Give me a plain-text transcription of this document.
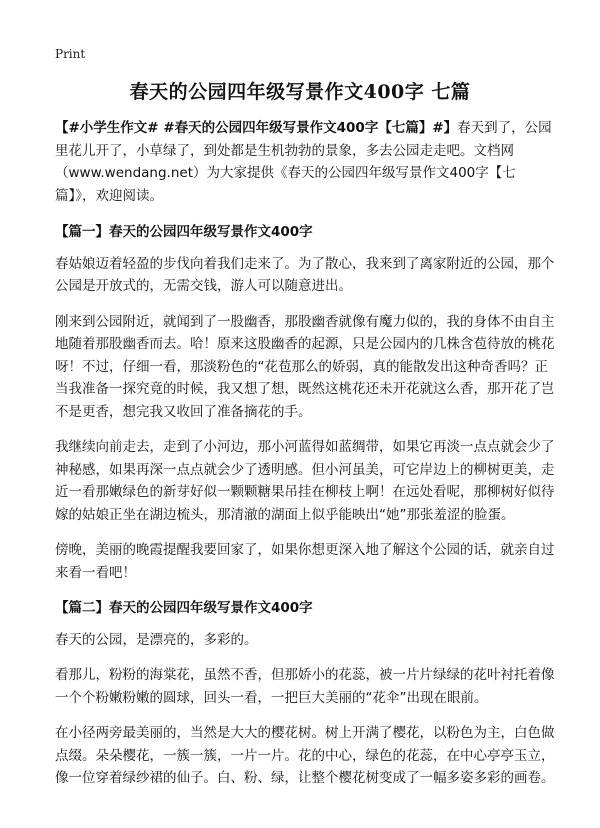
Print
春天的公园四年级写景作文400字 七篇

【#小学生作文# #春天的公园四年级写景作文400字【七篇】#】春天到了，公园里花儿开了，小草绿了，到处都是生机勃勃的景象，多去公园走走吧。文档网（www.wendang.net）为大家提供《春天的公园四年级写景作文400字【七篇】》，欢迎阅读。

【篇一】春天的公园四年级写景作文400字

春姑娘迈着轻盈的步伐向着我们走来了。为了散心，我来到了离家附近的公园，那个公园是开放式的，无需交钱，游人可以随意进出。

刚来到公园附近，就闻到了一股幽香，那股幽香就像有魔力似的，我的身体不由自主地随着那股幽香而去。哈！原来这股幽香的起源，只是公园内的几株含苞待放的桃花呀！不过，仔细一看，那淡粉色的“花苞那么的娇弱，真的能散发出这种奇香吗？正当我准备一探究竟的时候，我又想了想，既然这桃花还未开花就这么香，那开花了岂不是更香，想完我又收回了准备摘花的手。

我继续向前走去，走到了小河边，那小河蓝得如蓝绸带，如果它再淡一点点就会少了神秘感，如果再深一点点就会少了透明感。但小河虽美，可它岸边上的柳树更美，走近一看那嫩绿色的新芽好似一颗颗糖果吊挂在柳枝上啊！在远处看呢，那柳树好似待嫁的姑娘正坐在湖边梳头，那清澈的湖面上似乎能映出“她”那张羞涩的脸蛋。

傍晚，美丽的晚霞提醒我要回家了，如果你想更深入地了解这个公园的话，就亲自过来看一看吧！

【篇二】春天的公园四年级写景作文400字

春天的公园，是漂亮的，多彩的。

看那儿，粉粉的海棠花，虽然不香，但那娇小的花蕊，被一片片绿绿的花叶衬托着像一个个粉嫩粉嫩的圆球，回头一看，一把巨大美丽的“花伞”出现在眼前。

在小径两旁最美丽的，当然是大大的樱花树。树上开满了樱花，以粉色为主，白色做点缀。朵朵樱花，一簇一簇，一片一片。花的中心，绿色的花蕊，在中心亭亭玉立，像一位穿着绿纱裙的仙子。白、粉、绿，让整个樱花树变成了一幅多姿多彩的画卷。
